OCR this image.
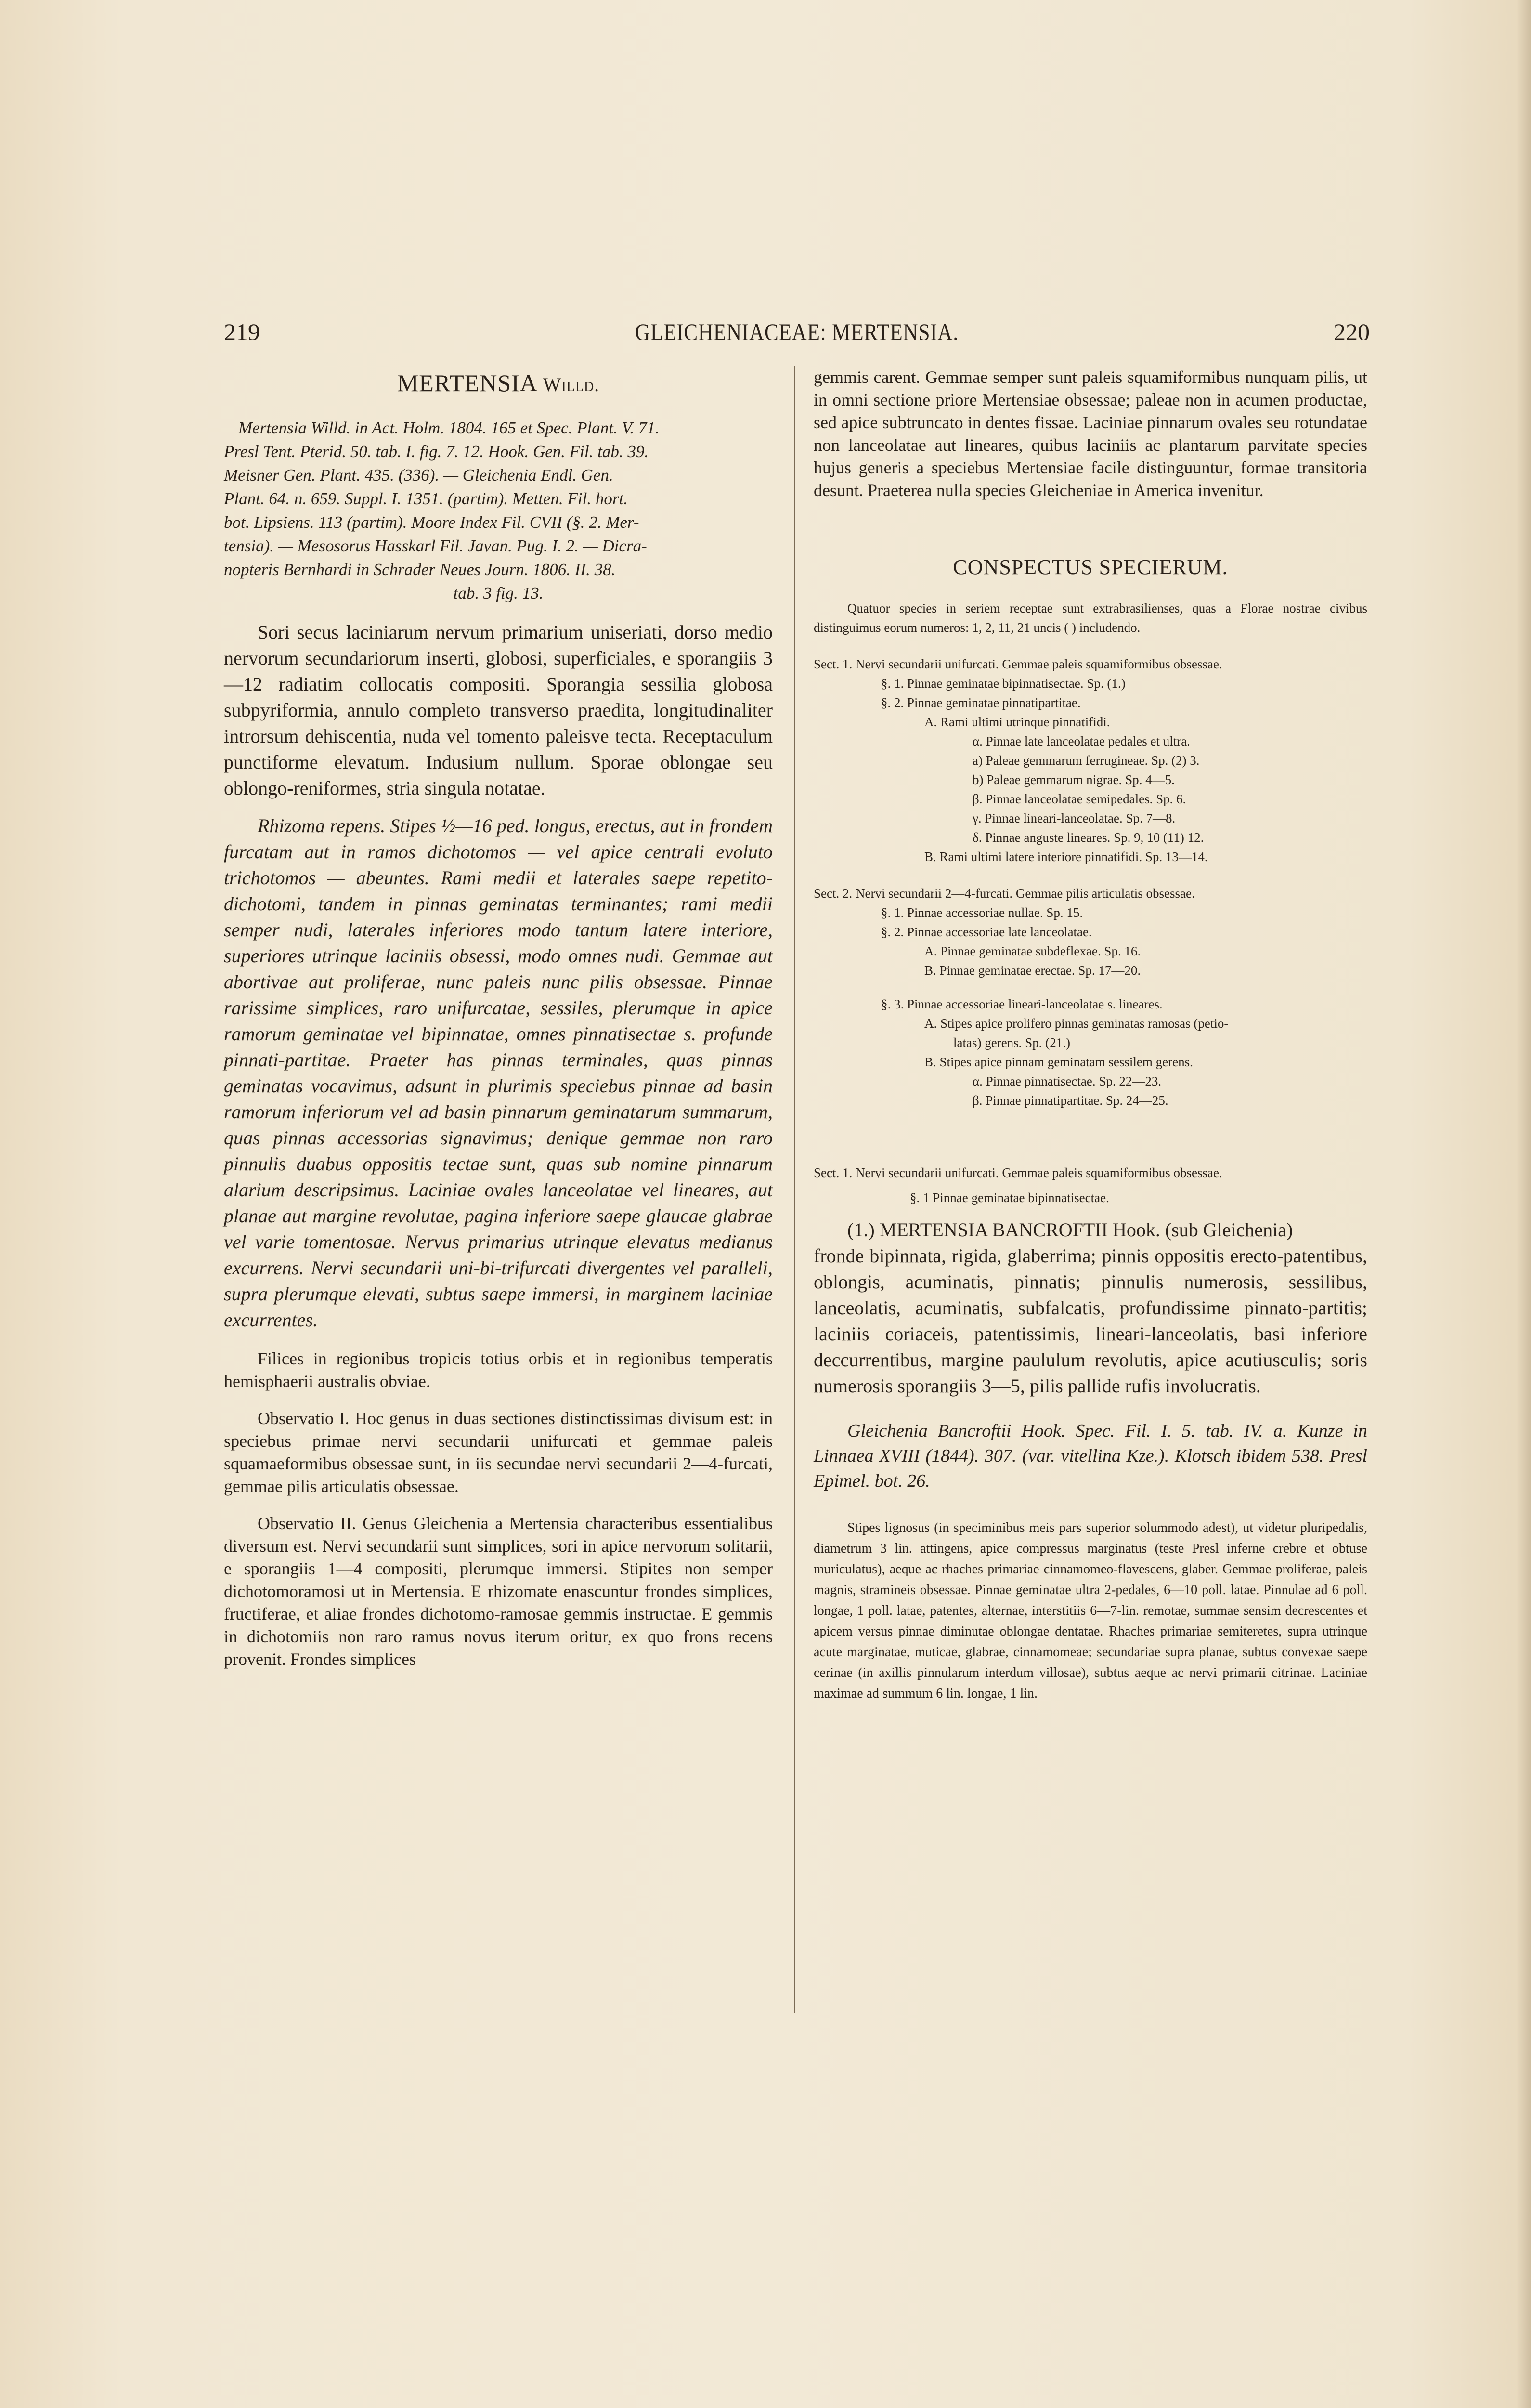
219	GLEICHENIACEAE: MERTENSIA.	220
MERTENSIA Willd.

Mertensia Willd. in Act. Holm. 1804. 165 et Spec. Plant. V. 71.

Presl Tent. Pterid. 50. tab. I. fig. 7. 12. Hook. Gen. Fil. tab. 39.

Meisner Gen. Plant. 435. (336). — Gleichenia Endl. Gen.

Plant. 64. n. 659. Suppl. I. 1351. (partim). Metten. Fil. hort.

bot. Lipsiens. 113 (partim). Moore Index Fil. CVII (§. 2. Mer-

tensia). — Mesosorus Hasskarl Fil. Javan. Pug. I. 2. — Dicra-

nopteris Bernhardi in Schrader Neues Journ. 1806. II. 38.

tab. 3 fig. 13.

Sori secus laciniarum nervum primarium uniseriati, dorso medio nervorum secundariorum inserti, globosi, superficiales, e sporangiis 3—12 radiatim collocatis compositi. Sporangia sessilia globosa subpyriformia, annulo completo transverso praedita, longitudinaliter introrsum dehiscentia, nuda vel tomento paleisve tecta. Receptaculum punctiforme elevatum. Indusium nullum. Sporae oblongae seu oblongo-reniformes, stria singula notatae.

Rhizoma repens. Stipes ½—16 ped. longus, erectus, aut in frondem furcatam aut in ramos dichotomos — vel apice centrali evoluto trichotomos — abeuntes. Rami medii et laterales saepe repetito-dichotomi, tandem in pinnas geminatas terminantes; rami medii semper nudi, laterales inferiores modo tantum latere interiore, superiores utrinque laciniis obsessi, modo omnes nudi. Gemmae aut abortivae aut proliferae, nunc paleis nunc pilis obsessae. Pinnae rarissime simplices, raro unifurcatae, sessiles, plerumque in apice ramorum geminatae vel bipinnatae, omnes pinnatisectae s. profunde pinnati-partitae. Praeter has pinnas terminales, quas pinnas geminatas vocavimus, adsunt in plurimis speciebus pinnae ad basin ramorum inferiorum vel ad basin pinnarum geminatarum summarum, quas pinnas accessorias signavimus; denique gemmae non raro pinnulis duabus oppositis tectae sunt, quas sub nomine pinnarum alarium descripsimus. Laciniae ovales lanceolatae vel lineares, aut planae aut margine revolutae, pagina inferiore saepe glaucae glabrae vel varie tomentosae. Nervus primarius utrinque elevatus medianus excurrens. Nervi secundarii uni-bi-trifurcati divergentes vel paralleli, supra plerumque elevati, subtus saepe immersi, in marginem laciniae excurrentes.

Filices in regionibus tropicis totius orbis et in regionibus temperatis hemisphaerii australis obviae.

Observatio I. Hoc genus in duas sectiones distinctissimas divisum est: in speciebus primae nervi secundarii unifurcati et gemmae paleis squamaeformibus obsessae sunt, in iis secundae nervi secundarii 2—4-furcati, gemmae pilis articulatis obsessae.

Observatio II. Genus Gleichenia a Mertensia characteribus essentialibus diversum est. Nervi secundarii sunt simplices, sori in apice nervorum solitarii, e sporangiis 1—4 compositi, plerumque immersi. Stipites non semper dichotomoramosi ut in Mertensia. E rhizomate enascuntur frondes simplices, fructiferae, et aliae frondes dichotomo-ramosae gemmis instructae. E gemmis in dichotomiis non raro ramus novus iterum oritur, ex quo frons recens provenit. Frondes simplices

gemmis carent. Gemmae semper sunt paleis squamiformibus nunquam pilis, ut in omni sectione priore Mertensiae obsessae; paleae non in acumen productae, sed apice subtruncato in dentes fissae. Laciniae pinnarum ovales seu rotundatae non lanceolatae aut lineares, quibus laciniis ac plantarum parvitate species hujus generis a speciebus Mertensiae facile distinguuntur, formae transitoria desunt. Praeterea nulla species Gleicheniae in America invenitur.

CONSPECTUS SPECIERUM.

Quatuor species in seriem receptae sunt extrabrasilienses, quas a Florae nostrae civibus distinguimus eorum numeros: 1, 2, 11, 21 uncis ( ) includendo.

Sect. 1. Nervi secundarii unifurcati. Gemmae paleis squamiformibus obsessae.
§. 1. Pinnae geminatae bipinnatisectae. Sp. (1.)
§. 2. Pinnae geminatae pinnatipartitae.
A. Rami ultimi utrinque pinnatifidi.
α. Pinnae late lanceolatae pedales et ultra.
a) Paleae gemmarum ferrugineae. Sp. (2) 3.
b) Paleae gemmarum nigrae. Sp. 4—5.
β. Pinnae lanceolatae semipedales. Sp. 6.
γ. Pinnae lineari-lanceolatae. Sp. 7—8.
δ. Pinnae anguste lineares. Sp. 9, 10 (11) 12.
B. Rami ultimi latere interiore pinnatifidi. Sp. 13—14.
Sect. 2. Nervi secundarii 2—4-furcati. Gemmae pilis articulatis obsessae.
§. 1. Pinnae accessoriae nullae. Sp. 15.
§. 2. Pinnae accessoriae late lanceolatae.
A. Pinnae geminatae subdeflexae. Sp. 16.
B. Pinnae geminatae erectae. Sp. 17—20.
§. 3. Pinnae accessoriae lineari-lanceolatae s. lineares.
A. Stipes apice prolifero pinnas geminatas ramosas (petio-
latas) gerens. Sp. (21.)
B. Stipes apice pinnam geminatam sessilem gerens.
α. Pinnae pinnatisectae. Sp. 22—23.
β. Pinnae pinnatipartitae. Sp. 24—25.
Sect. 1. Nervi secundarii unifurcati. Gemmae paleis squamiformibus obsessae.
§. 1 Pinnae geminatae bipinnatisectae.

(1.) MERTENSIA BANCROFTII Hook. (sub Gleichenia)

fronde bipinnata, rigida, glaberrima; pinnis oppositis erecto-patentibus, oblongis, acuminatis, pinnatis; pinnulis numerosis, sessilibus, lanceolatis, acuminatis, subfalcatis, profundissime pinnato-partitis; laciniis coriaceis, patentissimis, lineari-lanceolatis, basi inferiore deccurrentibus, margine paululum revolutis, apice acutiusculis; soris numerosis sporangiis 3—5, pilis pallide rufis involucratis.

Gleichenia Bancroftii Hook. Spec. Fil. I. 5. tab. IV. a. Kunze in Linnaea XVIII (1844). 307. (var. vitellina Kze.). Klotsch ibidem 538. Presl Epimel. bot. 26.

Stipes lignosus (in speciminibus meis pars superior solummodo adest), ut videtur pluripedalis, diametrum 3 lin. attingens, apice compressus marginatus (teste Presl inferne crebre et obtuse muriculatus), aeque ac rhaches primariae cinnamomeo-flavescens, glaber. Gemmae proliferae, paleis magnis, stramineis obsessae. Pinnae geminatae ultra 2-pedales, 6—10 poll. latae. Pinnulae ad 6 poll. longae, 1 poll. latae, patentes, alternae, interstitiis 6—7-lin. remotae, summae sensim decrescentes et apicem versus pinnae diminutae oblongae dentatae. Rhaches primariae semiteretes, supra utrinque acute marginatae, muticae, glabrae, cinnamomeae; secundariae supra planae, subtus convexae saepe cerinae (in axillis pinnularum interdum villosae), subtus aeque ac nervi primarii citrinae. Laciniae maximae ad summum 6 lin. longae, 1 lin.
